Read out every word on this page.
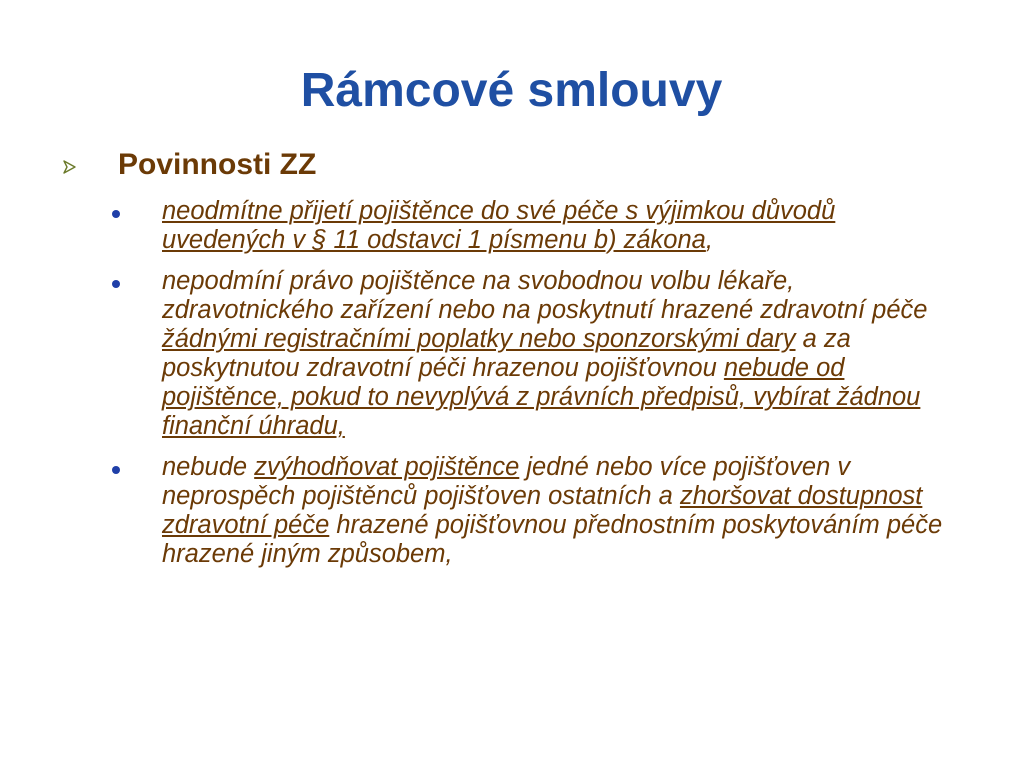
Rámcové smlouvy
Povinnosti ZZ
neodmítne přijetí pojištěnce do své péče s výjimkou důvodů uvedených v § 11 odstavci 1 písmenu b) zákona,
nepodmíní právo pojištěnce na svobodnou volbu lékaře, zdravotnického zařízení nebo na poskytnutí hrazené zdravotní péče žádnými registračními poplatky nebo sponzorskými dary a za poskytnutou zdravotní péči hrazenou pojišťovnou nebude od pojištěnce, pokud to nevyplývá z právních předpisů, vybírat žádnou finanční úhradu,
nebude zvýhodňovat pojištěnce jedné nebo více pojišťoven v neprospěch pojištěnců pojišťoven ostatních a zhoršovat dostupnost zdravotní péče hrazené pojišťovnou přednostním poskytováním péče hrazené jiným způsobem,
